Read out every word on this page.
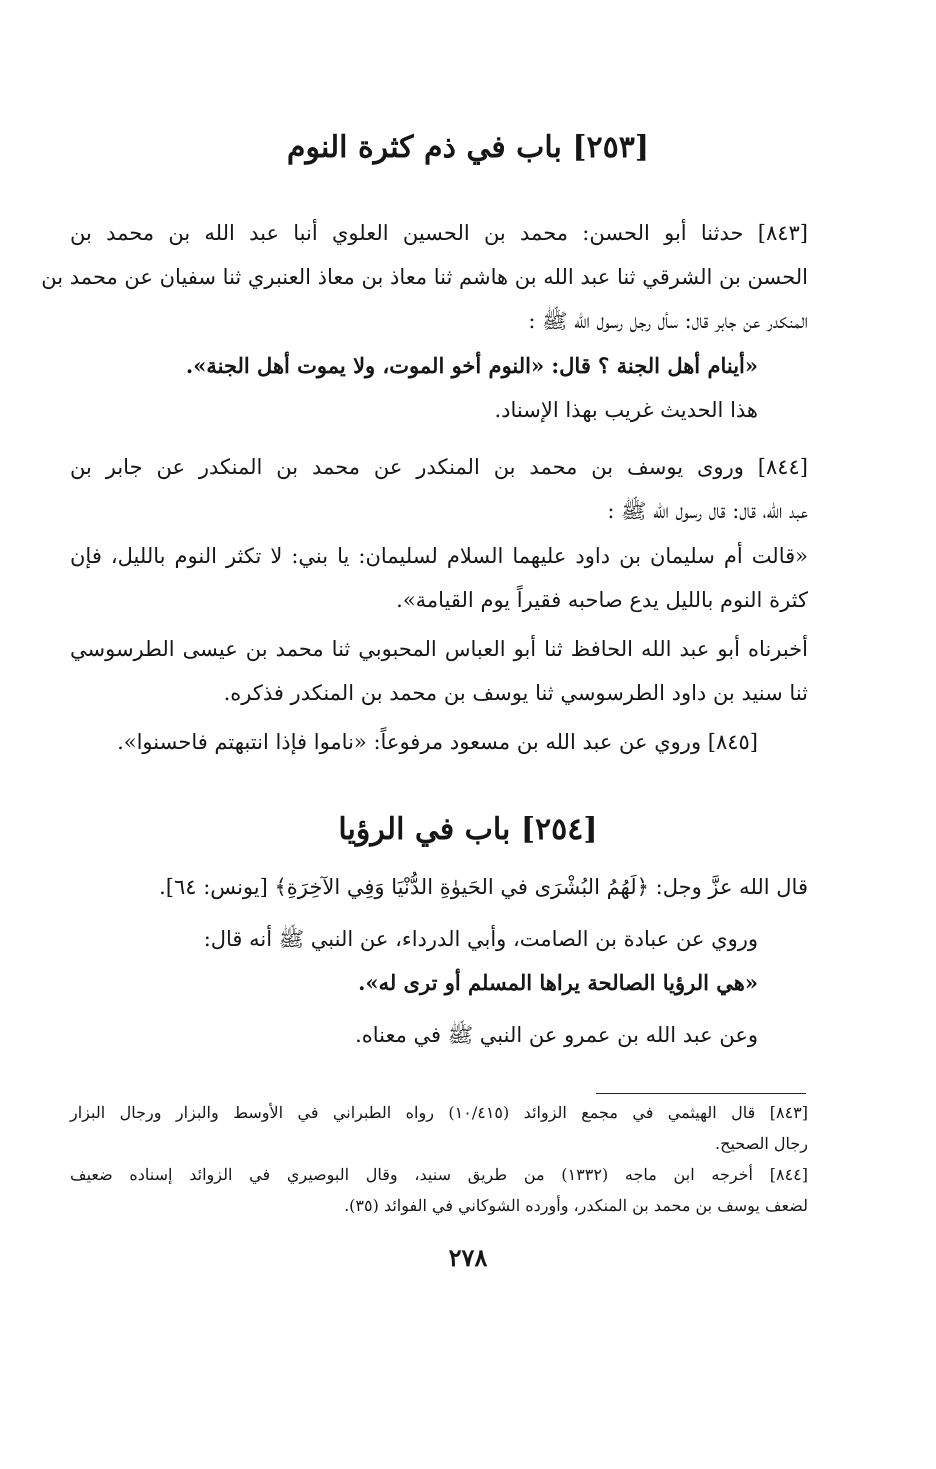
[٢٥٣] باب في ذم كثرة النوم
[٨٤٣] حدثنا أبو الحسن: محمد بن الحسين العلوي أنبا عبد الله بن محمد بن
الحسن بن الشرقي ثنا عبد الله بن هاشم ثنا معاذ بن معاذ العنبري ثنا سفيان عن محمد بن
المنكدر عن جابر قال: سأل رجل رسول الله ﷺ :
«أينام أهل الجنة ؟ قال: «النوم أخو الموت، ولا يموت أهل الجنة».
هذا الحديث غريب بهذا الإسناد.
[٨٤٤] وروى يوسف بن محمد بن المنكدر عن محمد بن المنكدر عن جابر بن
عبد الله، قال: قال رسول الله ﷺ :
«قالت أم سليمان بن داود عليهما السلام لسليمان: يا بني: لا تكثر النوم بالليل، فإن
كثرة النوم بالليل يدع صاحبه فقيراً يوم القيامة».
أخبرناه أبو عبد الله الحافظ ثنا أبو العباس المحبوبي ثنا محمد بن عيسى الطرسوسي
ثنا سنيد بن داود الطرسوسي ثنا يوسف بن محمد بن المنكدر فذكره.
[٨٤٥] وروي عن عبد الله بن مسعود مرفوعاً: «ناموا فإذا انتبهتم فاحسنوا».
[٢٥٤] باب في الرؤيا
قال الله عزَّ وجل: ﴿لَهُمُ البُشْرَى في الحَيوٰةِ الدُّنْيَا وَفِي الآخِرَةِ﴾ [يونس: ٦٤].
وروي عن عبادة بن الصامت، وأبي الدرداء، عن النبي ﷺ أنه قال:
«هي الرؤيا الصالحة يراها المسلم أو ترى له».
وعن عبد الله بن عمرو عن النبي ﷺ في معناه.
[٨٤٣] قال الهيثمي في مجمع الزوائد (١٠/٤١٥) رواه الطبراني في الأوسط والبزار ورجال البزار
رجال الصحيح.
[٨٤٤] أخرجه ابن ماجه (١٣٣٢) من طريق سنيد، وقال البوصيري في الزوائد إسناده ضعيف
لضعف يوسف بن محمد بن المنكدر، وأورده الشوكاني في الفوائد (٣٥).
٢٧٨
